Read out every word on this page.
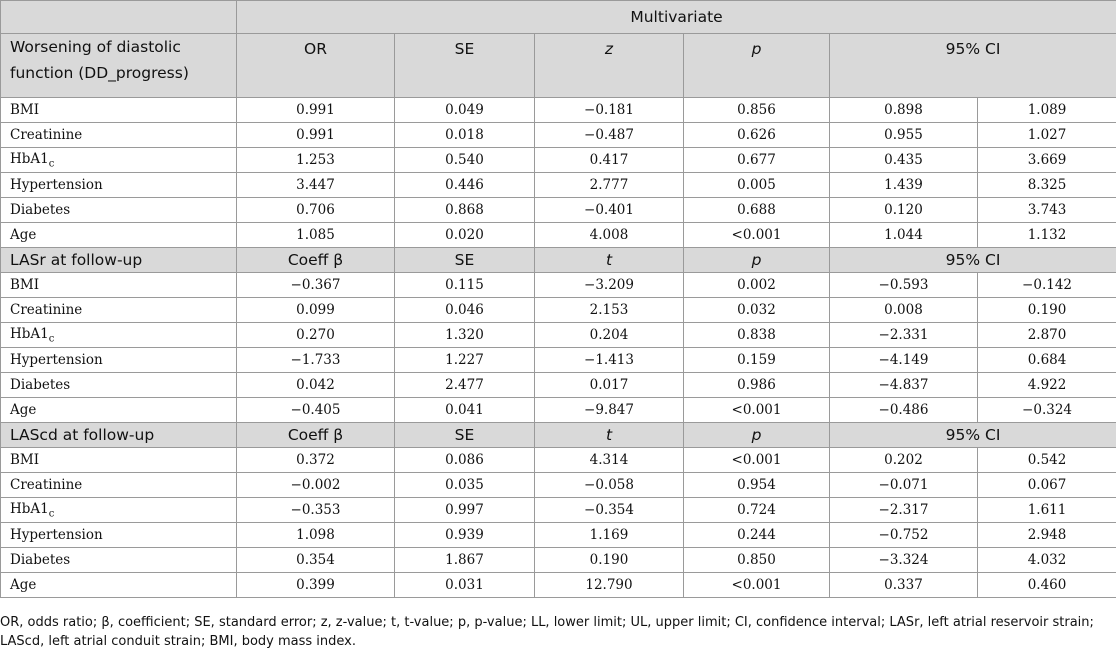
	Multivariate					
Worsening of diastolic function (DD_progress)	OR	SE	z	p	95% CI	
BMI	0.991	0.049	−0.181	0.856	0.898	1.089
Creatinine	0.991	0.018	−0.487	0.626	0.955	1.027
$HbA1_c$	1.253	0.540	0.417	0.677	0.435	3.669
Hypertension	3.447	0.446	2.777	0.005	1.439	8.325
Diabetes	0.706	0.868	−0.401	0.688	0.120	3.743
Age	1.085	0.020	4.008	<0.001	1.044	1.132
LASr at follow-up	Coeff β	SE	t	p	95% CI	
BMI	−0.367	0.115	−3.209	0.002	−0.593	−0.142
Creatinine	0.099	0.046	2.153	0.032	0.008	0.190
$HbA1_c$	0.270	1.320	0.204	0.838	−2.331	2.870
Hypertension	−1.733	1.227	−1.413	0.159	−4.149	0.684
Diabetes	0.042	2.477	0.017	0.986	−4.837	4.922
Age	−0.405	0.041	−9.847	<0.001	−0.486	−0.324
LAScd at follow-up	Coeff β	SE	t	p	95% CI	
BMI	0.372	0.086	4.314	<0.001	0.202	0.542
Creatinine	−0.002	0.035	−0.058	0.954	−0.071	0.067
$HbA1_c$	−0.353	0.997	−0.354	0.724	−2.317	1.611
Hypertension	1.098	0.939	1.169	0.244	−0.752	2.948
Diabetes	0.354	1.867	0.190	0.850	−3.324	4.032
Age	0.399	0.031	12.790	<0.001	0.337	0.460
OR, odds ratio; β, coefficient; SE, standard error; z, z-value; t, t-value; p, p-value; LL, lower limit; UL, upper limit; CI, confidence interval; LASr, left atrial reservoir strain; LAScd, left atrial conduit strain; BMI, body mass index.
